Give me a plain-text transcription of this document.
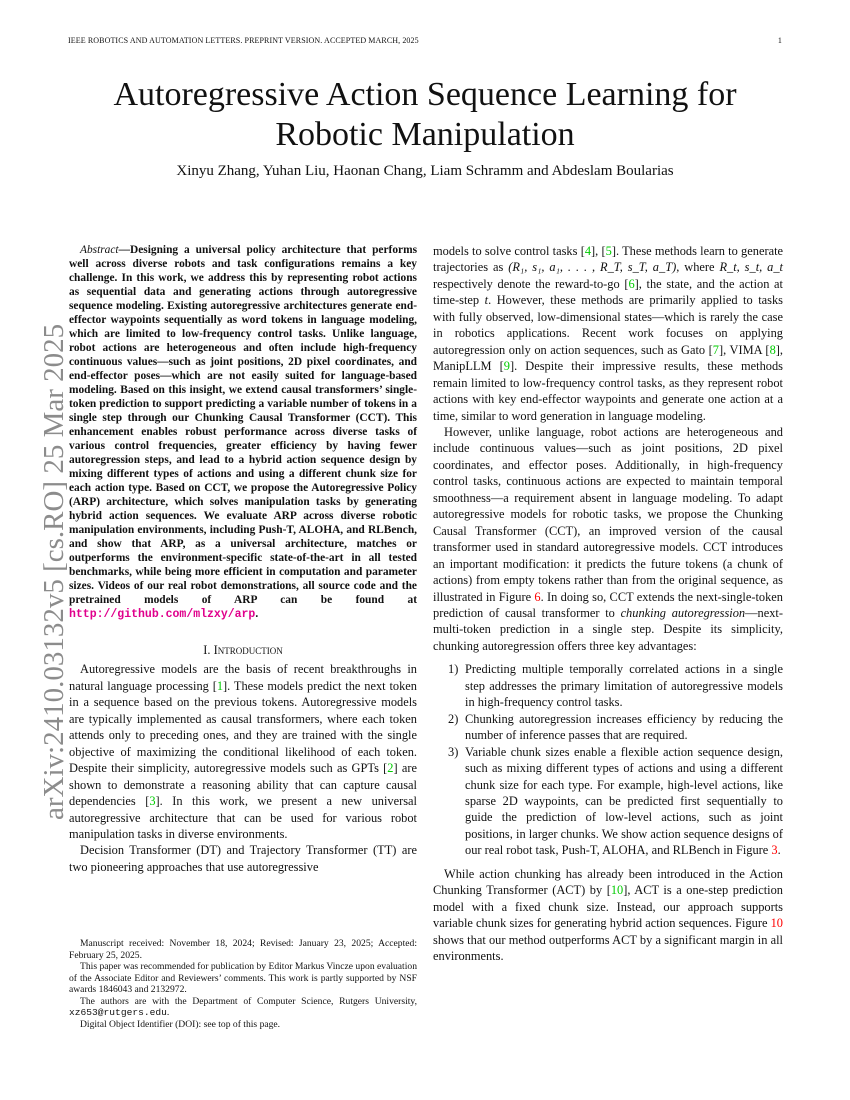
IEEE ROBOTICS AND AUTOMATION LETTERS. PREPRINT VERSION. ACCEPTED MARCH, 2025	1
Autoregressive Action Sequence Learning for
Robotic Manipulation
Xinyu Zhang, Yuhan Liu, Haonan Chang, Liam Schramm and Abdeslam Boularias
arXiv:2410.03132v5 [cs.RO] 25 Mar 2025

Abstract—Designing a universal policy architecture that performs well across diverse robots and task configurations remains a key challenge. In this work, we address this by representing robot actions as sequential data and generating actions through autoregressive sequence modeling. Existing autoregressive architectures generate end-effector waypoints sequentially as word tokens in language modeling, which are limited to low-frequency control tasks. Unlike language, robot actions are heterogeneous and often include high-frequency continuous values—such as joint positions, 2D pixel coordinates, and end-effector poses—which are not easily suited for language-based modeling. Based on this insight, we extend causal transformers’ single-token prediction to support predicting a variable number of tokens in a single step through our Chunking Causal Transformer (CCT). This enhancement enables robust performance across diverse tasks of various control frequencies, greater efficiency by having fewer autoregression steps, and lead to a hybrid action sequence design by mixing different types of actions and using a different chunk size for each action type. Based on CCT, we propose the Autoregressive Policy (ARP) architecture, which solves manipulation tasks by generating hybrid action sequences. We evaluate ARP across diverse robotic manipulation environments, including Push-T, ALOHA, and RLBench, and show that ARP, as a universal architecture, matches or outperforms the environment-specific state-of-the-art in all tested benchmarks, while being more efficient in computation and parameter sizes. Videos of our real robot demonstrations, all source code and the pretrained models of ARP can be found at http://github.com/mlzxy/arp.

I. Introduction

Autoregressive models are the basis of recent breakthroughs in natural language processing [1]. These models predict the next token in a sequence based on the previous tokens. Autoregressive models are typically implemented as causal transformers, where each token attends only to preceding ones, and they are trained with the single objective of maximizing the conditional likelihood of each token. Despite their simplicity, autoregressive models such as GPTs [2] are shown to demonstrate a reasoning ability that can capture causal dependencies [3]. In this work, we present a new universal autoregressive architecture that can be used for various robot manipulation tasks in diverse environments.

Decision Transformer (DT) and Trajectory Transformer (TT) are two pioneering approaches that use autoregressive

Manuscript received: November 18, 2024; Revised: January 23, 2025; Accepted: February 25, 2025.

This paper was recommended for publication by Editor Markus Vincze upon evaluation of the Associate Editor and Reviewers’ comments. This work is partly supported by NSF awards 1846043 and 2132972.

The authors are with the Department of Computer Science, Rutgers University, xz653@rutgers.edu.

Digital Object Identifier (DOI): see top of this page.

models to solve control tasks [4], [5]. These methods learn to generate trajectories as (R₁, s₁, a₁, . . . , R_T, s_T, a_T), where R_t, s_t, a_t respectively denote the reward-to-go [6], the state, and the action at time-step t. However, these methods are primarily applied to tasks with fully observed, low-dimensional states—which is rarely the case in robotics applications. Recent work focuses on applying autoregression only on action sequences, such as Gato [7], VIMA [8], ManipLLM [9]. Despite their impressive results, these methods remain limited to low-frequency control tasks, as they represent robot actions with key end-effector waypoints and generate one action at a time, similar to word generation in language modeling.

However, unlike language, robot actions are heterogeneous and include continuous values—such as joint positions, 2D pixel coordinates, and effector poses. Additionally, in high-frequency control tasks, continuous actions are expected to maintain temporal smoothness—a requirement absent in language modeling. To adapt autoregressive models for robotic tasks, we propose the Chunking Causal Transformer (CCT), an improved version of the causal transformer used in standard autoregressive models. CCT introduces an important modification: it predicts the future tokens (a chunk of actions) from empty tokens rather than from the original sequence, as illustrated in Figure 6. In doing so, CCT extends the next-single-token prediction of causal transformer to chunking autoregression—next-multi-token prediction in a single step. Despite its simplicity, chunking autoregression offers three key advantages:

1) Predicting multiple temporally correlated actions in a single step addresses the primary limitation of autoregressive models in high-frequency control tasks.
2) Chunking autoregression increases efficiency by reducing the number of inference passes that are required.
3) Variable chunk sizes enable a flexible action sequence design, such as mixing different types of actions and using a different chunk size for each type. For example, high-level actions, like sparse 2D waypoints, can be predicted first sequentially to guide the prediction of low-level actions, such as joint positions, in larger chunks. We show action sequence designs of our real robot task, Push-T, ALOHA, and RLBench in Figure 3.

While action chunking has already been introduced in the Action Chunking Transformer (ACT) by [10], ACT is a one-step prediction model with a fixed chunk size. Instead, our approach supports variable chunk sizes for generating hybrid action sequences. Figure 10 shows that our method outperforms ACT by a significant margin in all environments.
